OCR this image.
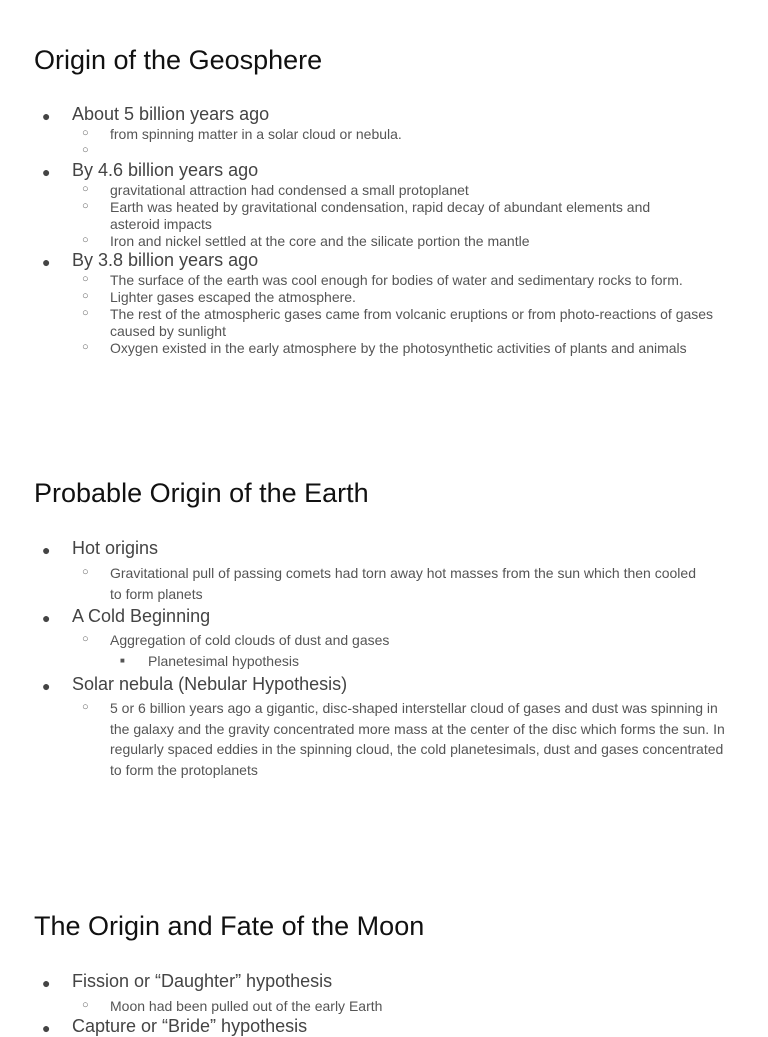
Origin of the Geosphere
● About 5 billion years ago
○ from spinning matter in a solar cloud or nebula.
○
● By 4.6 billion years ago
○ gravitational attraction had condensed a small protoplanet
○ Earth was heated by gravitational condensation, rapid decay of abundant elements and asteroid impacts
○ Iron and nickel settled at the core and the silicate portion the mantle
● By 3.8 billion years ago
○ The surface of the earth was cool enough for bodies of water and sedimentary rocks to form.
○ Lighter gases escaped the atmosphere.
○ The rest of the atmospheric gases came from volcanic eruptions or from photo-reactions of gases caused by sunlight
○ Oxygen existed in the early atmosphere by the photosynthetic activities of plants and animals
Probable Origin of the Earth
● Hot origins
○ Gravitational pull of passing comets had torn away hot masses from the sun which then cooled to form planets
● A Cold Beginning
○ Aggregation of cold clouds of dust and gases
■ Planetesimal hypothesis
● Solar nebula (Nebular Hypothesis)
○ 5 or 6 billion years ago a gigantic, disc-shaped interstellar cloud of gases and dust was spinning in the galaxy and the gravity concentrated more mass at the center of the disc which forms the sun. In regularly spaced eddies in the spinning cloud, the cold planetesimals, dust and gases concentrated to form the protoplanets
The Origin and Fate of the Moon
● Fission or “Daughter” hypothesis
○ Moon had been pulled out of the early Earth
● Capture or “Bride” hypothesis
